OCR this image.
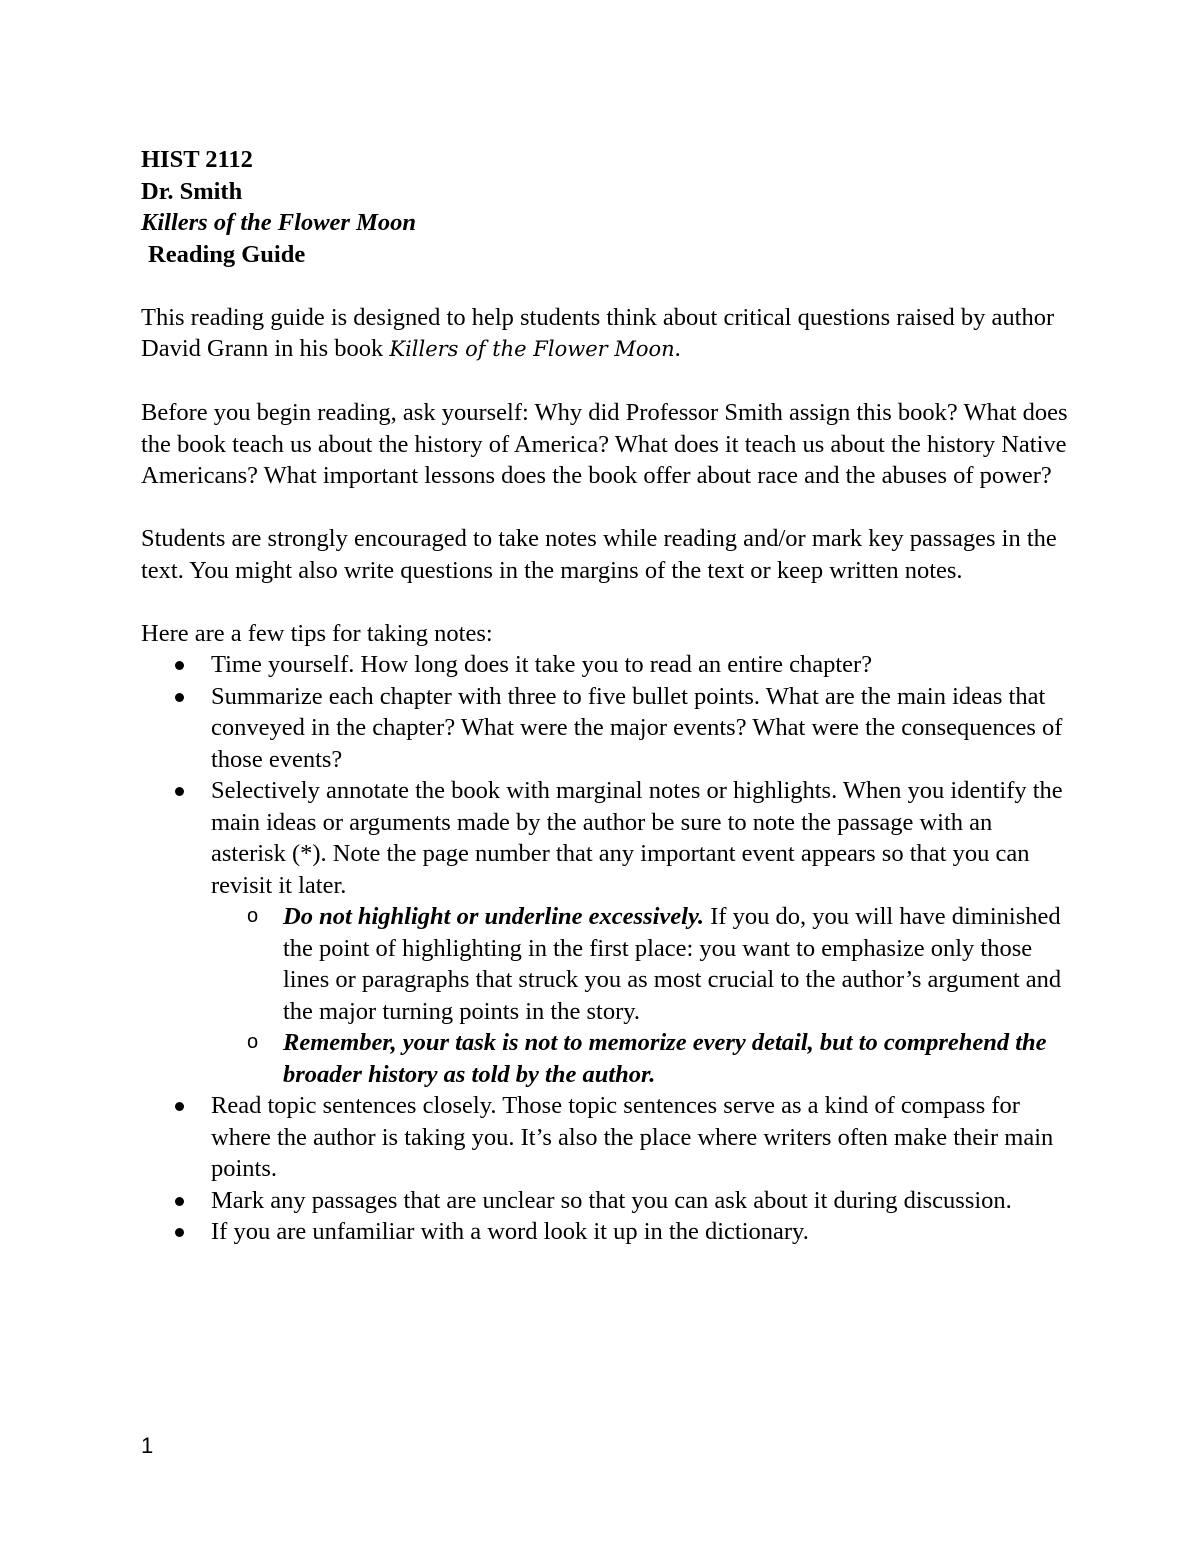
HIST 2112
Dr. Smith
Killers of the Flower Moon
Reading Guide

This reading guide is designed to help students think about critical questions raised by author David Grann in his book Killers of the Flower Moon.

Before you begin reading, ask yourself: Why did Professor Smith assign this book? What does the book teach us about the history of America? What does it teach us about the history Native Americans? What important lessons does the book offer about race and the abuses of power?

Students are strongly encouraged to take notes while reading and/or mark key passages in the text. You might also write questions in the margins of the text or keep written notes.

Here are a few tips for taking notes:

Time yourself. How long does it take you to read an entire chapter?
Summarize each chapter with three to five bullet points. What are the main ideas that conveyed in the chapter? What were the major events? What were the consequences of those events?
Selectively annotate the book with marginal notes or highlights. When you identify the main ideas or arguments made by the author be sure to note the passage with an asterisk (*). Note the page number that any important event appears so that you can revisit it later.
o Do not highlight or underline excessively. If you do, you will have diminished the point of highlighting in the first place: you want to emphasize only those lines or paragraphs that struck you as most crucial to the author’s argument and the major turning points in the story.
o Remember, your task is not to memorize every detail, but to comprehend the broader history as told by the author.
Read topic sentences closely. Those topic sentences serve as a kind of compass for where the author is taking you. It’s also the place where writers often make their main points.
Mark any passages that are unclear so that you can ask about it during discussion.
If you are unfamiliar with a word look it up in the dictionary.
1
